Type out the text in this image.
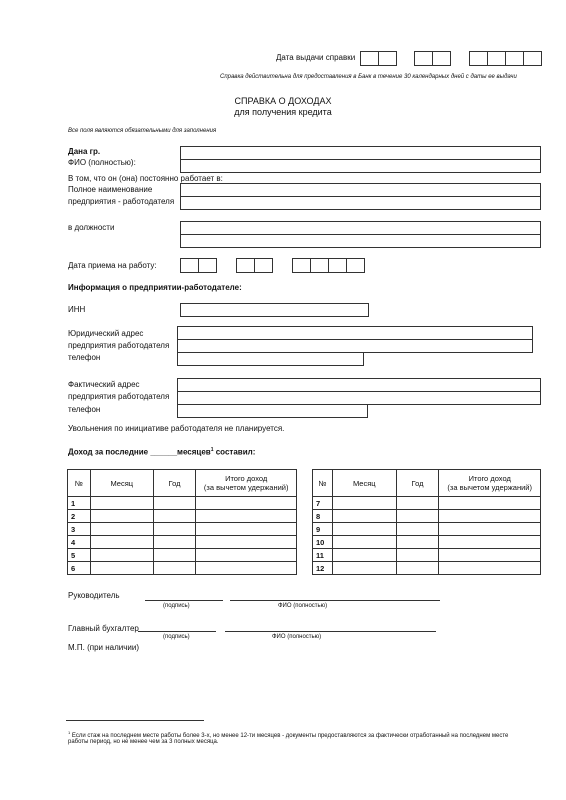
Дата выдачи справки
Справка действительна для предоставления в Банк в течение 30 календарных дней с даты ее выдачи
СПРАВКА О ДОХОДАХ
для получения кредита
Все поля являются обязательными для заполнения
Дана гр.
ФИО (полностью):
В том, что он (она) постоянно работает в:
Полное наименование
предприятия - работодателя
в должности
Дата приема на работу:
Информация о предприятии-работодателе:
ИНН
Юридический адрес
предприятия работодателя
телефон
Фактический адрес
предприятия работодателя
телефон
Увольнения по инициативе работодателя не планируется.
Доход за последние ______месяцев$^1$ составил:
№	Месяц	Год	Итого доход
(за вычетом удержаний)

1			
2			
3			
4			
5			
6			
№	Месяц	Год	Итого доход
(за вычетом удержаний)

7			
8			
9			
10			
11			
12			
Руководитель
(подпись)	ФИО (полностью)
Главный бухгалтер
(подпись)	ФИО (полностью)
М.П. (при наличии)
$^1$ Если стаж на последнем месте работы более 3-х, но менее 12-ти месяцев - документы предоставляются за фактически отработанный на последнем месте
работы период, но не менее чем за 3 полных месяца.
